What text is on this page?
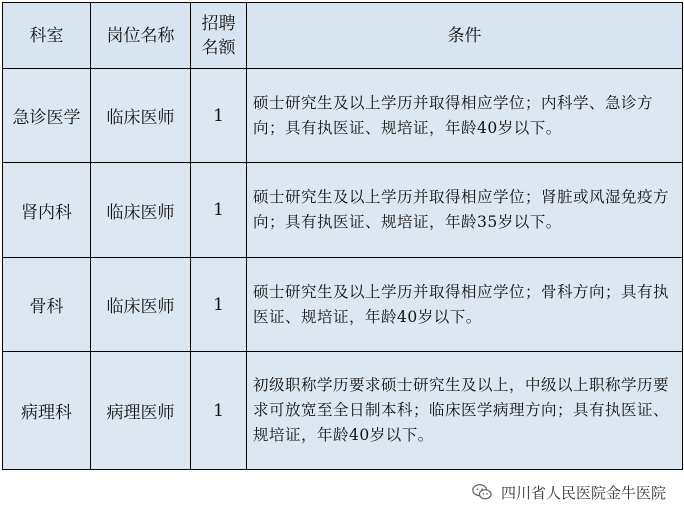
科室	岗位名称	招聘名额	条件
急诊医学	临床医师	1	硕士研究生及以上学历并取得相应学位；内科学、急诊方向；具有执医证、规培证，年龄40岁以下。
肾内科	临床医师	1	硕士研究生及以上学历并取得相应学位；肾脏或风湿免疫方向；具有执医证、规培证，年龄35岁以下。
骨科	临床医师	1	硕士研究生及以上学历并取得相应学位；骨科方向；具有执医证、规培证，年龄40岁以下。
病理科	病理医师	1	初级职称学历要求硕士研究生及以上，中级以上职称学历要求可放宽至全日制本科；临床医学病理方向；具有执医证、规培证，年龄40岁以下。
四川省人民医院金牛医院
